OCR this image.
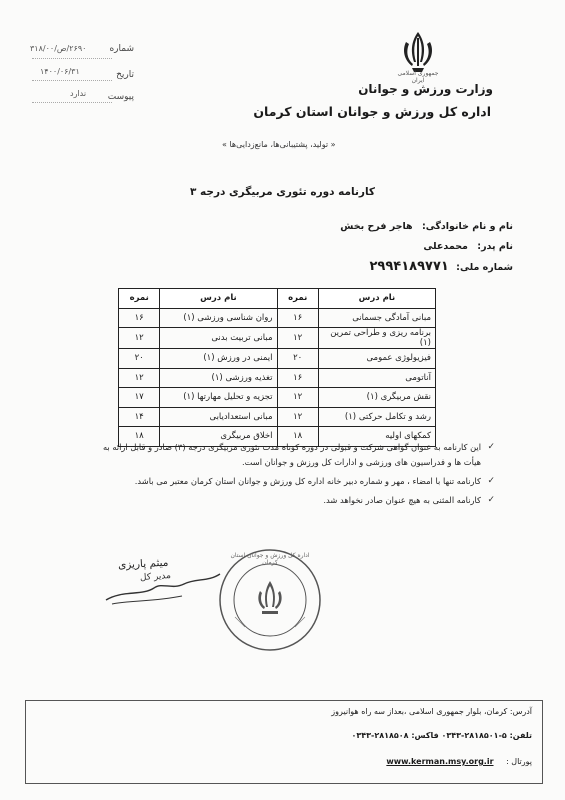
شماره
۲۶۹۰/ص/۳۱۸/۰۰
تاریخ
۱۴۰۰/۰۶/۳۱
پیوست
ندارد
جمهوری اسلامی ایران
وزارت ورزش و جوانان
اداره کل ورزش و جوانان استان کرمان
« تولید، پشتیبانی‌ها، مانع‌زدایی‌ها »
کارنامه دوره تئوری مربیگری درجه ۳
نام و نام خانوادگی: هاجر فرح بخش
نام پدر: محمدعلی
شماره ملی: ۲۹۹۴۱۸۹۷۷۱
نام درس	نمره	نام درس	نمره
مبانی آمادگی جسمانی	۱۶	روان شناسی ورزشی (۱)	۱۶
برنامه ریزی و طراحی تمرین (۱)	۱۲	مبانی تربیت بدنی	۱۲
فیزیولوژی عمومی	۲۰	ایمنی در ورزش (۱)	۲۰
آناتومی	۱۶	تغذیه ورزشی (۱)	۱۲
نقش مربیگری (۱)	۱۲	تجزیه و تحلیل مهارتها (۱)	۱۷
رشد و تکامل حرکتی (۱)	۱۲	مبانی استعدادیابی	۱۴
کمکهای اولیه	۱۸	اخلاق مربیگری	۱۸
✓
این کارنامه به عنوان گواهی شرکت و قبولی در دوره کوتاه مدت تئوری مربیگری درجه (۳) صادر و قابل ارائه به هیأت ها و فدراسیون های ورزشی و ادارات کل ورزش و جوانان است.
✓
کارنامه تنها با امضاء ، مهر و شماره دبیر خانه اداره کل ورزش و جوانان استان کرمان معتبر می باشد.
✓
کارنامه المثنی به هیچ عنوان صادر نخواهد شد.
میثم پاریزی
مدیر کل
اداره کل ورزش و جوانان استان کرمان
آدرس: کرمان، بلوار جمهوری اسلامی ،بعداز سه راه هوانیروز
تلفن: ۵-۲۸۱۸۵۰۱-۰۳۴۳ فاکس: ۲۸۱۸۵۰۸-۰۳۴۳
پورتال : www.kerman.msy.org.ir
